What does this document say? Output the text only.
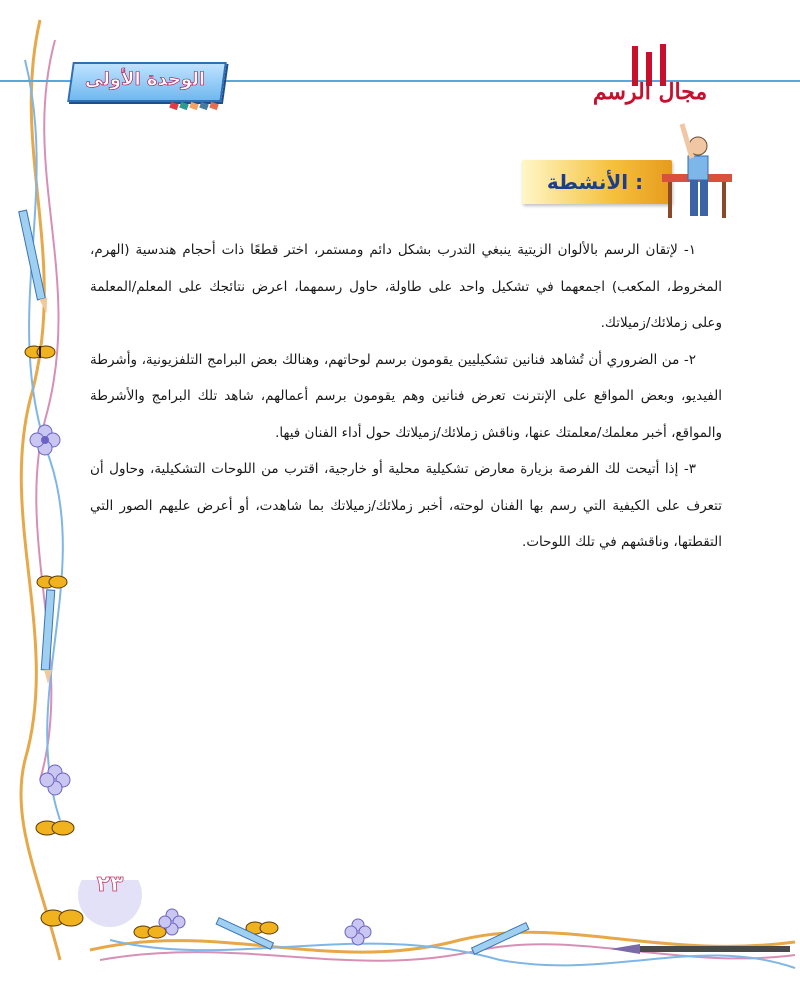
الوحدة الأولى	مجال الرسم
الأنشطة :

١- لإتقان الرسم بالألوان الزيتية ينبغي التدرب بشكل دائم ومستمر، اختر قطعًا ذات أحجام هندسية (الهرم، المخروط، المكعب) اجمعهما في تشكيل واحد على طاولة، حاول رسمهما، اعرض نتائجك على المعلم/المعلمة وعلى زملائك/زميلاتك.

٢- من الضروري أن تُشاهد فنانين تشكيليين يقومون برسم لوحاتهم، وهنالك بعض البرامج التلفزيونية، وأشرطة الفيديو، وبعض المواقع على الإنترنت تعرض فنانين وهم يقومون برسم أعمالهم، شاهد تلك البرامج والأشرطة والمواقع، أخبر معلمك/معلمتك عنها، وناقش زملائك/زميلاتك حول أداء الفنان فيها.

٣- إذا أتيحت لك الفرصة بزيارة معارض تشكيلية محلية أو خارجية، اقترب من اللوحات التشكيلية، وحاول أن تتعرف على الكيفية التي رسم بها الفنان لوحته، أخبر زملائك/زميلاتك بما شاهدت، أو أعرض عليهم الصور التي التقطتها، وناقشهم في تلك اللوحات.

٢٣
